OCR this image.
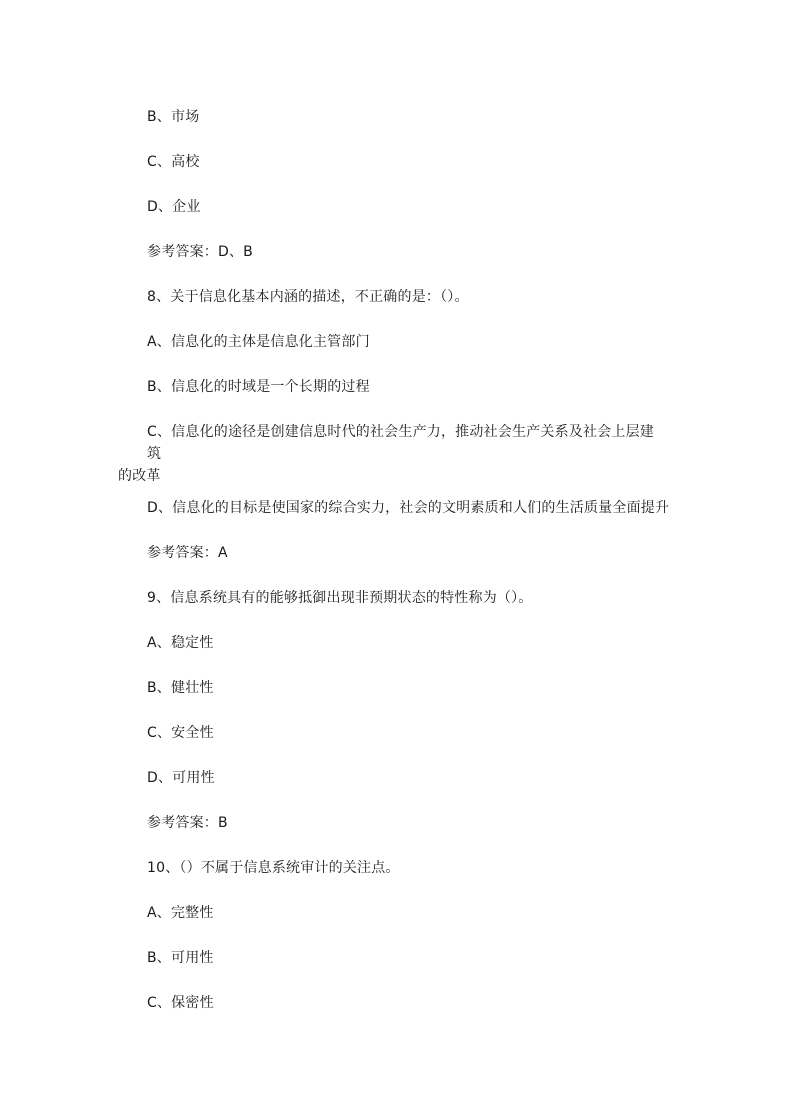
B、市场
C、高校
D、企业
参考答案：D、B
8、关于信息化基本内涵的描述，不正确的是：（）。
A、信息化的主体是信息化主管部门
B、信息化的时域是一个长期的过程
C、信息化的途径是创建信息时代的社会生产力，推动社会生产关系及社会上层建筑
的改革
D、信息化的目标是使国家的综合实力，社会的文明素质和人们的生活质量全面提升
参考答案：A
9、信息系统具有的能够抵御出现非预期状态的特性称为（）。
A、稳定性
B、健壮性
C、安全性
D、可用性
参考答案：B
10、（）不属于信息系统审计的关注点。
A、完整性
B、可用性
C、保密性
